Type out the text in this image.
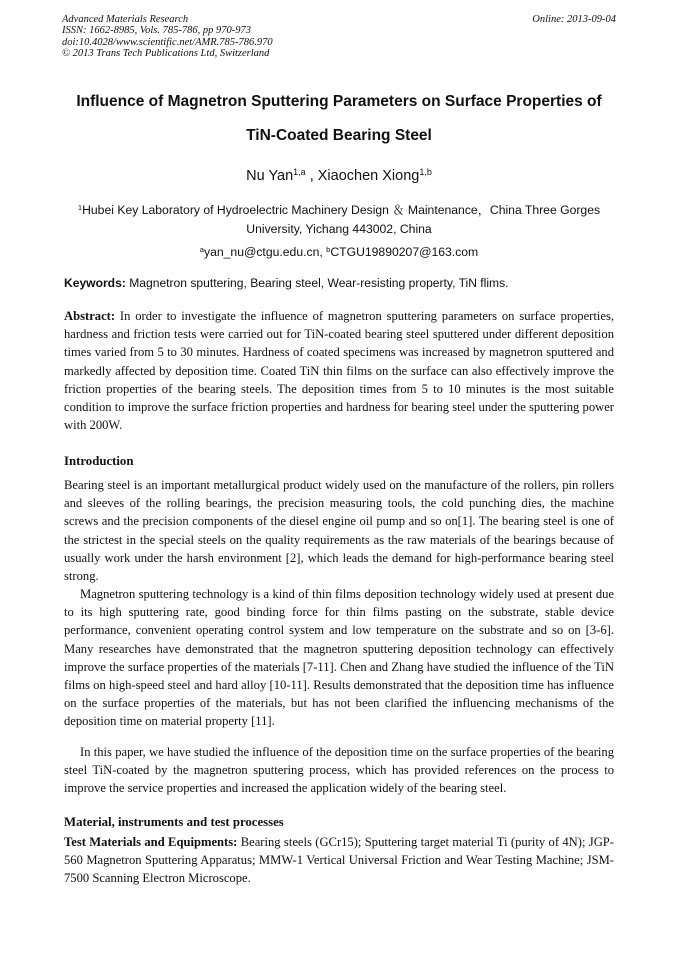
Advanced Materials Research
ISSN: 1662-8985, Vols. 785-786, pp 970-973
doi:10.4028/www.scientific.net/AMR.785-786.970
© 2013 Trans Tech Publications Ltd, Switzerland
Online: 2013-09-04
Influence of Magnetron Sputtering Parameters on Surface Properties of
TiN-Coated Bearing Steel
Nu Yan$^{1,a}$ , Xiaochen Xiong$^{1,b}$
$^1$Hubei Key Laboratory of Hydroelectric Machinery Design ＆ Maintenance，China Three Gorges
University, Yichang 443002, China
$^a$yan_nu@ctgu.edu.cn, $^b$CTGU19890207@163.com
Keywords: Magnetron sputtering, Bearing steel, Wear-resisting property, TiN flims.
Abstract: In order to investigate the influence of magnetron sputtering parameters on surface properties, hardness and friction tests were carried out for TiN-coated bearing steel sputtered under different deposition times varied from 5 to 30 minutes. Hardness of coated specimens was increased by magnetron sputtered and markedly affected by deposition time. Coated TiN thin films on the surface can also effectively improve the friction properties of the bearing steels. The deposition times from 5 to 10 minutes is the most suitable condition to improve the surface friction properties and hardness for bearing steel under the sputtering power with 200W.
Introduction
Bearing steel is an important metallurgical product widely used on the manufacture of the rollers, pin rollers and sleeves of the rolling bearings, the precision measuring tools, the cold punching dies, the machine screws and the precision components of the diesel engine oil pump and so on[1]. The bearing steel is one of the strictest in the special steels on the quality requirements as the raw materials of the bearings because of usually work under the harsh environment [2], which leads the demand for high-performance bearing steel strong.
Magnetron sputtering technology is a kind of thin films deposition technology widely used at present due to its high sputtering rate, good binding force for thin films pasting on the substrate, stable device performance, convenient operating control system and low temperature on the substrate and so on [3-6]. Many researches have demonstrated that the magnetron sputtering deposition technology can effectively improve the surface properties of the materials [7-11]. Chen and Zhang have studied the influence of the TiN films on high-speed steel and hard alloy [10-11]. Results demonstrated that the deposition time has influence on the surface properties of the materials, but has not been clarified the influencing mechanisms of the deposition time on material property [11].
In this paper, we have studied the influence of the deposition time on the surface properties of the bearing steel TiN-coated by the magnetron sputtering process, which has provided references on the process to improve the service properties and increased the application widely of the bearing steel.
Material, instruments and test processes
Test Materials and Equipments: Bearing steels (GCr15); Sputtering target material Ti (purity of 4N); JGP-560 Magnetron Sputtering Apparatus; MMW-1 Vertical Universal Friction and Wear Testing Machine; JSM-7500 Scanning Electron Microscope.
